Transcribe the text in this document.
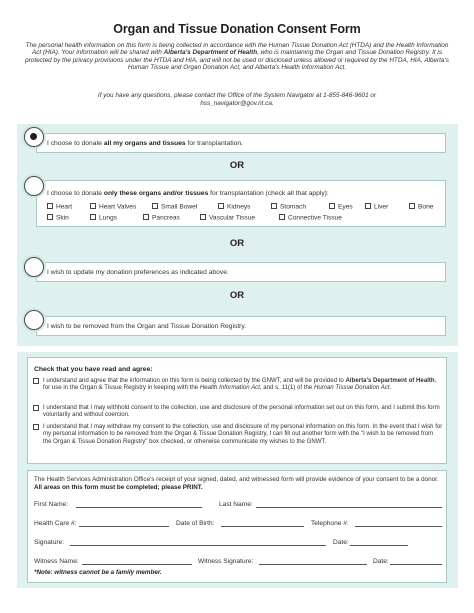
Organ and Tissue Donation Consent Form
The personal health information on this form is being collected in accordance with the Human Tissue Donation Act (HTDA) and the Health Information Act (HIA). Your information will be shared with Alberta's Department of Health, who is maintaining the Organ and Tissue Donation Registry. It is protected by the privacy provisions under the HTDA and HIA, and will not be used or disclosed unless allowed or required by the HTDA, HIA, Alberta's Human Tissue and Organ Donation Act, and Alberta's Health Information Act.
If you have any questions, please contact the Office of the System Navigator at 1-855-846-9601 or
hss_navigator@gov.nt.ca.
I choose to donate all my organs and tissues for transplantation.
OR
I choose to donate only these organs and/or tissues for transplantation (check all that apply):
Heart	Heart Valves	Small Bowel	Kidneys	Stomach	Eyes	Liver	Bone
Skin	Lungs	Pancreas	Vascular Tissue	Connective Tissue
OR
I wish to update my donation preferences as indicated above.
OR
I wish to be removed from the Organ and Tissue Donation Registry.
Check that you have read and agree:
I understand and agree that the information on this form is being collected by the GNWT, and will be provided to Alberta's Department of Health, for use in the Organ & Tissue Registry in keeping with the Health Information Act, and s. 11(1) of the Human Tissue Donation Act.
I understand that I may withhold consent to the collection, use and disclosure of the personal information set out on this form, and I submit this form voluntarily and without coercion.
I understand that I may withdraw my consent to the collection, use and disclosure of my personal information on this form. In the event that I wish for my personal information to be removed from the Organ & Tissue Donation Registry, I can fill out another form with the "I wish to be removed from the Organ & Tissue Donation Registry" box checked, or otherwise communicate my wishes to the GNWT.
The Health Services Administration Office's receipt of your signed, dated, and witnessed form will provide evidence of your consent to be a donor. All areas on this form must be completed; please PRINT.
First Name:	Last Name:
Health Care #:	Date of Birth:	Telephone #:
Signature:	Date:
Witness Name:	Witness Signature:	Date:
*Note: witness cannot be a family member.
